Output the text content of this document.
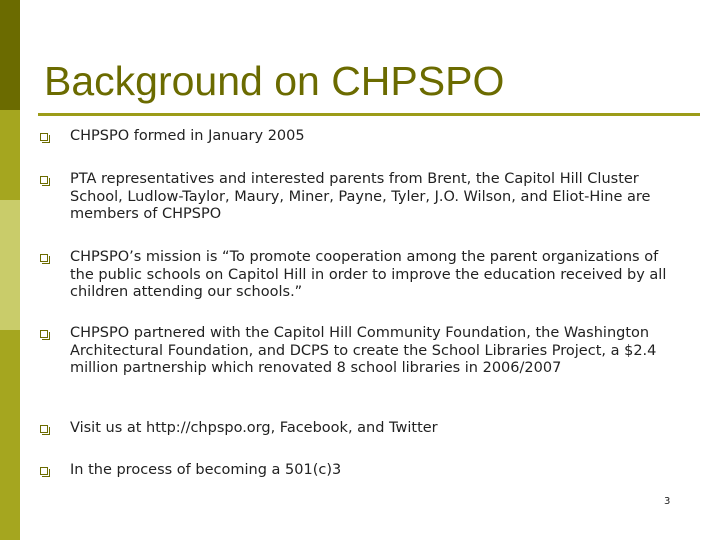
Background on CHPSPO
CHPSPO formed in January 2005
PTA representatives and interested parents from Brent, the Capitol Hill Cluster School, Ludlow-Taylor, Maury, Miner, Payne, Tyler, J.O. Wilson, and Eliot-Hine are members of CHPSPO
CHPSPO’s mission is “To promote cooperation among the parent organizations of the public schools on Capitol Hill in order to improve the education received by all children attending our schools.”
CHPSPO partnered with the Capitol Hill Community Foundation, the Washington Architectural Foundation, and DCPS to create the School Libraries Project, a $2.4 million partnership which renovated 8 school libraries in 2006/2007
Visit us at http://chpspo.org, Facebook, and Twitter
In the process of becoming a 501(c)3
3
